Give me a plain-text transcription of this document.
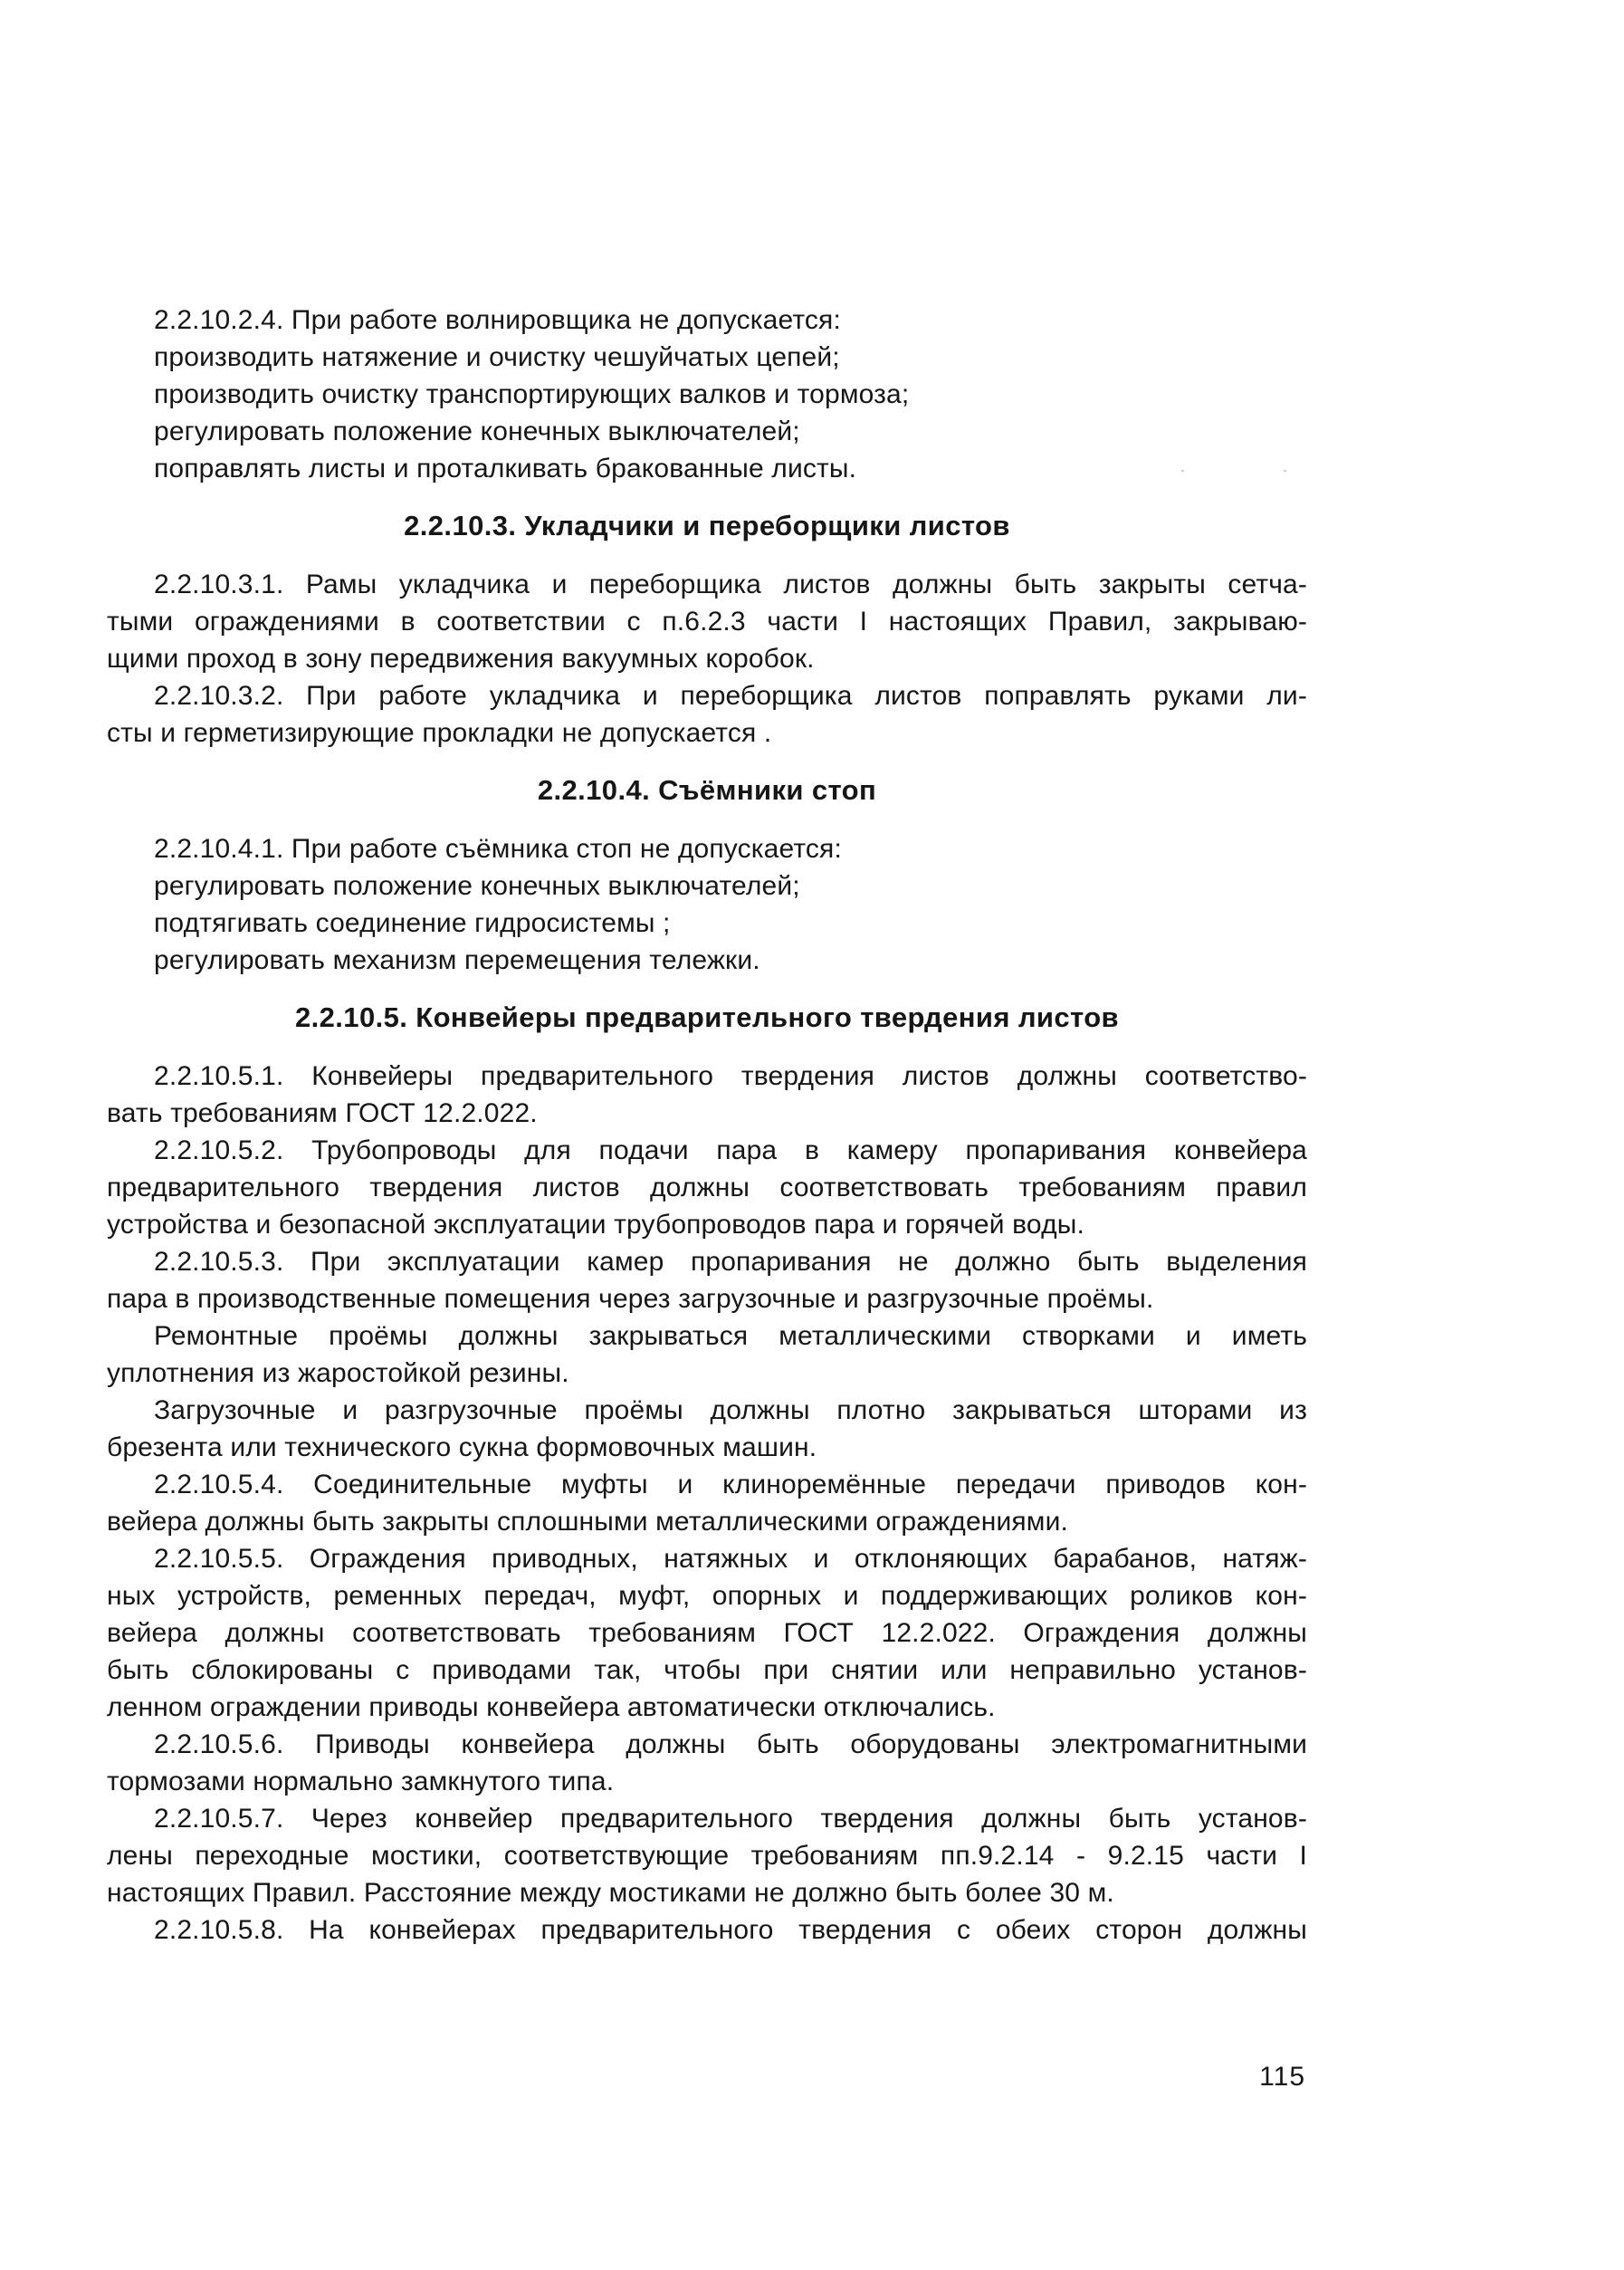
2.2.10.2.4. При работе волнировщика не допускается:
производить натяжение и очистку чешуйчатых цепей;
производить очистку транспортирующих валков и тормоза;
регулировать положение конечных выключателей;
поправлять листы и проталкивать бракованные листы.
2.2.10.3. Укладчики и переборщики листов
2.2.10.3.1. Рамы укладчика и переборщика листов должны быть закрыты сетча-
тыми ограждениями в соответствии с п.6.2.3 части I настоящих Правил, закрываю-
щими проход в зону передвижения вакуумных коробок.
2.2.10.3.2. При работе укладчика и переборщика листов поправлять руками ли-
сты и герметизирующие прокладки не допускается .
2.2.10.4. Съёмники стоп
2.2.10.4.1. При работе съёмника стоп не допускается:
регулировать положение конечных выключателей;
подтягивать соединение гидросистемы ;
регулировать механизм перемещения тележки.
2.2.10.5. Конвейеры предварительного твердения листов
2.2.10.5.1. Конвейеры предварительного твердения листов должны соответство-
вать требованиям ГОСТ 12.2.022.
2.2.10.5.2. Трубопроводы для подачи пара в камеру пропаривания конвейера
предварительного твердения листов должны соответствовать требованиям правил
устройства и безопасной эксплуатации трубопроводов пара и горячей воды.
2.2.10.5.3. При эксплуатации камер пропаривания не должно быть выделения
пара в производственные помещения через загрузочные и разгрузочные проёмы.
Ремонтные проёмы должны закрываться металлическими створками и иметь
уплотнения из жаростойкой резины.
Загрузочные и разгрузочные проёмы должны плотно закрываться шторами из
брезента или технического сукна формовочных машин.
2.2.10.5.4. Соединительные муфты и клиноремённые передачи приводов кон-
вейера должны быть закрыты сплошными металлическими ограждениями.
2.2.10.5.5. Ограждения приводных, натяжных и отклоняющих барабанов, натяж-
ных устройств, ременных передач, муфт, опорных и поддерживающих роликов кон-
вейера должны соответствовать требованиям ГОСТ 12.2.022. Ограждения должны
быть сблокированы с приводами так, чтобы при снятии или неправильно установ-
ленном ограждении приводы конвейера автоматически отключались.
2.2.10.5.6. Приводы конвейера должны быть оборудованы электромагнитными
тормозами нормально замкнутого типа.
2.2.10.5.7. Через конвейер предварительного твердения должны быть установ-
лены переходные мостики, соответствующие требованиям пп.9.2.14 - 9.2.15 части I
настоящих Правил. Расстояние между мостиками не должно быть более 30 м.
2.2.10.5.8. На конвейерах предварительного твердения с обеих сторон должны
115
